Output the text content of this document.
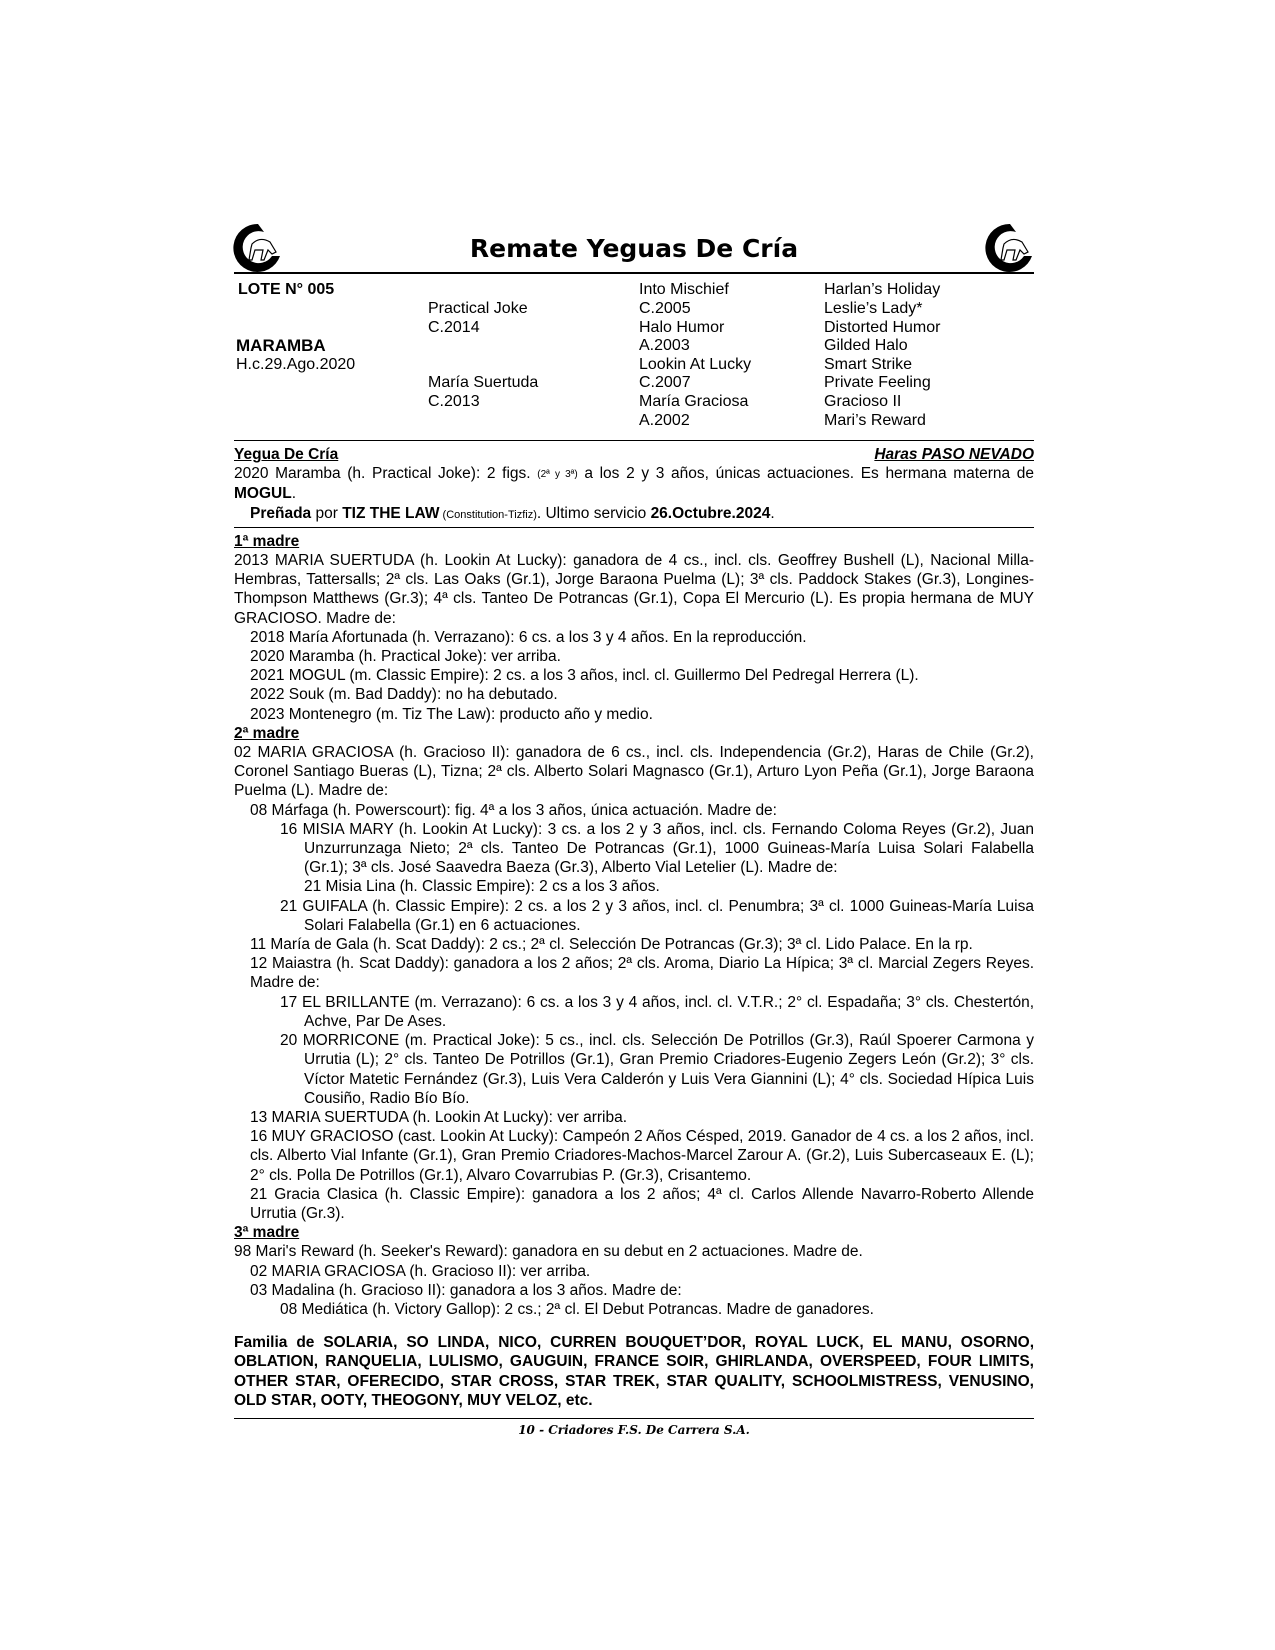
Remate Yeguas De Cría
LOTE N° 005
MARAMBA
H.c.29.Ago.2020
Practical Joke
C.2014
María Suertuda
C.2013
Into Mischief
C.2005
Halo Humor
A.2003
Lookin At Lucky
C.2007
María Graciosa
A.2002
Harlan’s Holiday
Leslie’s Lady*
Distorted Humor
Gilded Halo
Smart Strike
Private Feeling
Gracioso II
Mari’s Reward
Yegua De Cría	Haras PASO NEVADO
2020 Maramba (h. Practical Joke): 2 figs. (2ª y 3ª) a los 2 y 3 años, únicas actuaciones. Es hermana materna de MOGUL.
Preñada por TIZ THE LAW (Constitution-Tizfiz). Ultimo servicio 26.Octubre.2024.
1ª madre
2013 MARIA SUERTUDA (h. Lookin At Lucky): ganadora de 4 cs., incl. cls. Geoffrey Bushell (L), Nacional Milla-Hembras, Tattersalls; 2ª cls. Las Oaks (Gr.1), Jorge Baraona Puelma (L); 3ª cls. Paddock Stakes (Gr.3), Longines-Thompson Matthews (Gr.3); 4ª cls. Tanteo De Potrancas (Gr.1), Copa El Mercurio (L). Es propia hermana de MUY GRACIOSO. Madre de:
2018 María Afortunada (h. Verrazano): 6 cs. a los 3 y 4 años. En la reproducción.
2020 Maramba (h. Practical Joke): ver arriba.
2021 MOGUL (m. Classic Empire): 2 cs. a los 3 años, incl. cl. Guillermo Del Pedregal Herrera (L).
2022 Souk (m. Bad Daddy): no ha debutado.
2023 Montenegro (m. Tiz The Law): producto año y medio.
2ª madre
02 MARIA GRACIOSA (h. Gracioso II): ganadora de 6 cs., incl. cls. Independencia (Gr.2), Haras de Chile (Gr.2), Coronel Santiago Bueras (L), Tizna; 2ª cls. Alberto Solari Magnasco (Gr.1), Arturo Lyon Peña (Gr.1), Jorge Baraona Puelma (L). Madre de:
08 Márfaga (h. Powerscourt): fig. 4ª a los 3 años, única actuación. Madre de:
16 MISIA MARY (h. Lookin At Lucky): 3 cs. a los 2 y 3 años, incl. cls. Fernando Coloma Reyes (Gr.2), Juan Unzurrunzaga Nieto; 2ª cls. Tanteo De Potrancas (Gr.1), 1000 Guineas-María Luisa Solari Falabella (Gr.1); 3ª cls. José Saavedra Baeza (Gr.3), Alberto Vial Letelier (L). Madre de:
21 Misia Lina (h. Classic Empire): 2 cs a los 3 años.
21 GUIFALA (h. Classic Empire): 2 cs. a los 2 y 3 años, incl. cl. Penumbra; 3ª cl. 1000 Guineas-María Luisa Solari Falabella (Gr.1) en 6 actuaciones.
11 María de Gala (h. Scat Daddy): 2 cs.; 2ª cl. Selección De Potrancas (Gr.3); 3ª cl. Lido Palace. En la rp.
12 Maiastra (h. Scat Daddy): ganadora a los 2 años; 2ª cls. Aroma, Diario La Hípica; 3ª cl. Marcial Zegers Reyes. Madre de:
17 EL BRILLANTE (m. Verrazano): 6 cs. a los 3 y 4 años, incl. cl. V.T.R.; 2° cl. Espadaña; 3° cls. Chestertón, Achve, Par De Ases.
20 MORRICONE (m. Practical Joke): 5 cs., incl. cls. Selección De Potrillos (Gr.3), Raúl Spoerer Carmona y Urrutia (L); 2° cls. Tanteo De Potrillos (Gr.1), Gran Premio Criadores-Eugenio Zegers León (Gr.2); 3° cls. Víctor Matetic Fernández (Gr.3), Luis Vera Calderón y Luis Vera Giannini (L); 4° cls. Sociedad Hípica Luis Cousiño, Radio Bío Bío.
13 MARIA SUERTUDA (h. Lookin At Lucky): ver arriba.
16 MUY GRACIOSO (cast. Lookin At Lucky): Campeón 2 Años Césped, 2019. Ganador de 4 cs. a los 2 años, incl. cls. Alberto Vial Infante (Gr.1), Gran Premio Criadores-Machos-Marcel Zarour A. (Gr.2), Luis Subercaseaux E. (L); 2° cls. Polla De Potrillos (Gr.1), Alvaro Covarrubias P. (Gr.3), Crisantemo.
21 Gracia Clasica (h. Classic Empire): ganadora a los 2 años; 4ª cl. Carlos Allende Navarro-Roberto Allende Urrutia (Gr.3).
3ª madre
98 Mari's Reward (h. Seeker's Reward): ganadora en su debut en 2 actuaciones. Madre de.
02 MARIA GRACIOSA (h. Gracioso II): ver arriba.
03 Madalina (h. Gracioso II): ganadora a los 3 años. Madre de:
08 Mediática (h. Victory Gallop): 2 cs.; 2ª cl. El Debut Potrancas. Madre de ganadores.
Familia de SOLARIA, SO LINDA, NICO, CURREN BOUQUET’DOR, ROYAL LUCK, EL MANU, OSORNO, OBLATION, RANQUELIA, LULISMO, GAUGUIN, FRANCE SOIR, GHIRLANDA, OVERSPEED, FOUR LIMITS, OTHER STAR, OFERECIDO, STAR CROSS, STAR TREK, STAR QUALITY, SCHOOLMISTRESS, VENUSINO, OLD STAR, OOTY, THEOGONY, MUY VELOZ, etc.
10 - Criadores F.S. De Carrera S.A.
